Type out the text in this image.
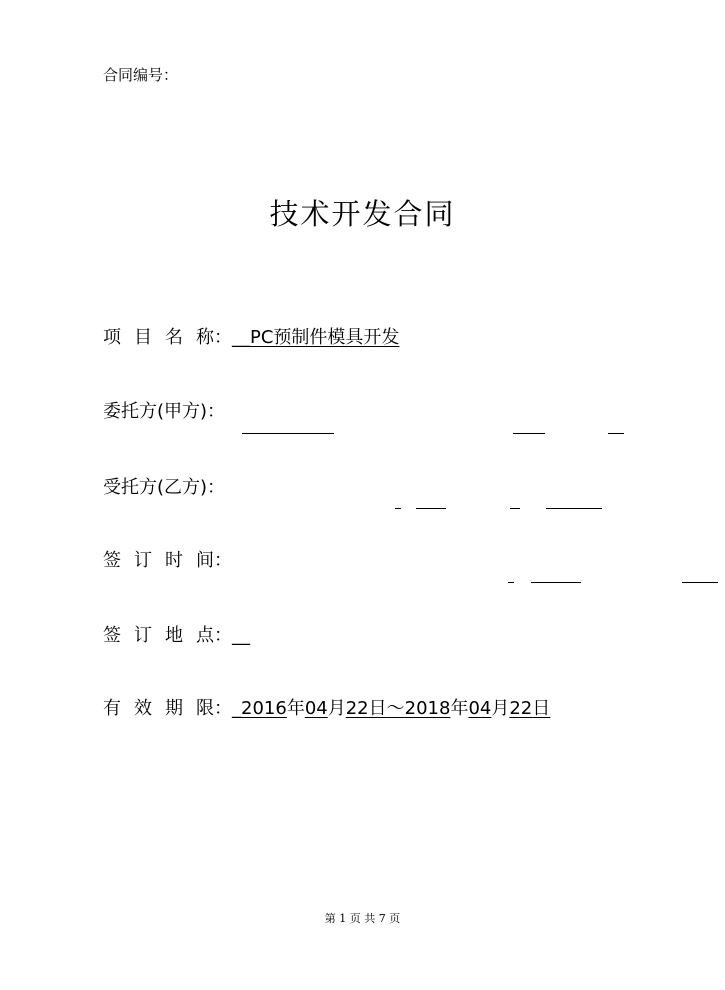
合同编号：
技术开发合同
项目名称：__PC预制件模具开发
委托方(甲方)：

受托方(乙方)：

签订时间：

签订地点：__
有效期限：_2016年04月22日～2018年04月22日
第 1 页 共 7 页
